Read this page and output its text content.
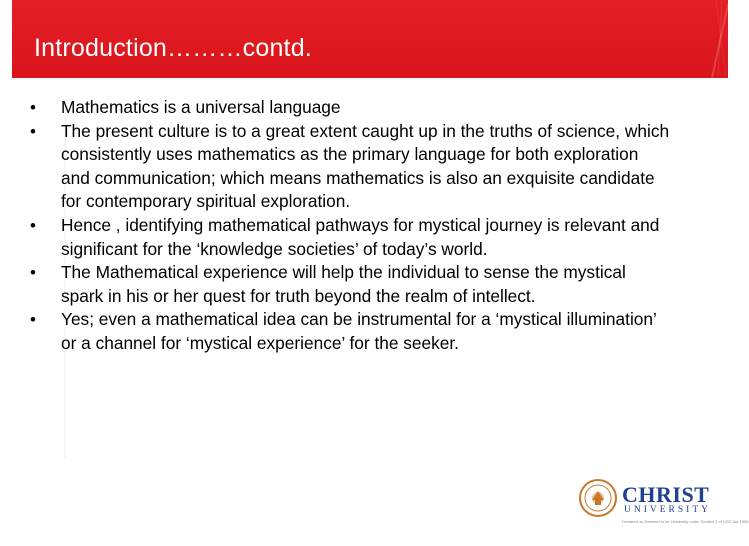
Introduction………contd.
• Mathematics is a universal language
• The present culture is to a great extent caught up in the truths of science, which consistently uses mathematics as the primary language for both exploration and communication; which means mathematics is also an exquisite candidate for contemporary spiritual exploration.
• Hence , identifying mathematical pathways for mystical journey is relevant and significant for the ‘knowledge societies’ of today’s world.
• The Mathematical experience will help the individual to sense the mystical spark in his or her quest for truth beyond the realm of intellect.
• Yes; even a mathematical idea can be instrumental for a ‘mystical illumination’ or a channel for ‘mystical experience’ for the seeker.
CHRIST
UNIVERSITY
Declared as Deemed to be University under Section 3 of UGC Act 1956
